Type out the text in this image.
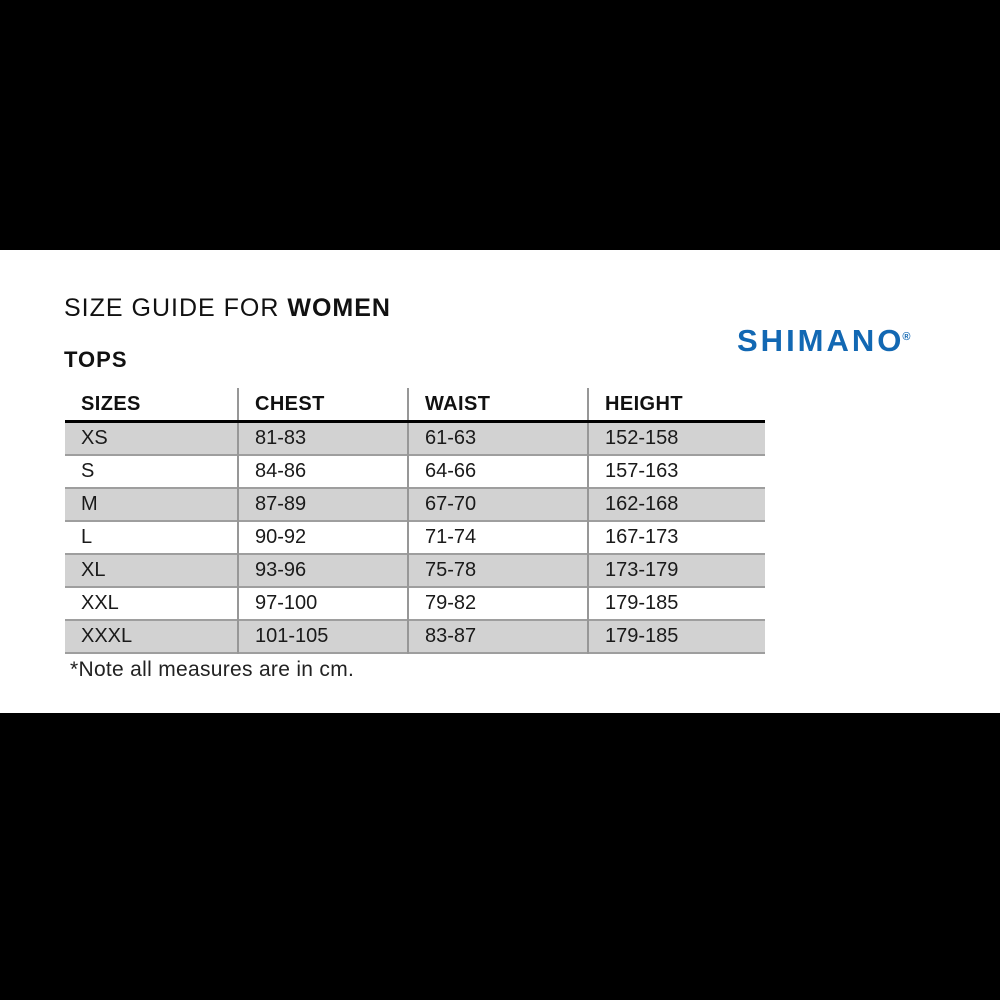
SIZE GUIDE FOR WOMEN
TOPS
SHIMANO®
SIZES	CHEST	WAIST	HEIGHT
XS	81-83	61-63	152-158
S	84-86	64-66	157-163
M	87-89	67-70	162-168
L	90-92	71-74	167-173
XL	93-96	75-78	173-179
XXL	97-100	79-82	179-185
XXXL	101-105	83-87	179-185
*Note all measures are in cm.
